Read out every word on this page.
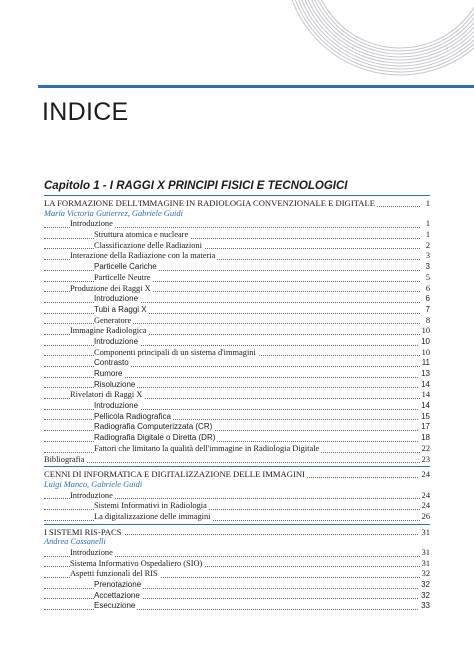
INDICE
Capitolo 1 - I RAGGI X PRINCIPI FISICI E TECNOLOGICI
LA FORMAZIONE DELL'IMMAGINE IN RADIOLOGIA CONVENZIONALE E DIGITALE	1
Maria Victoria Gutierrez, Gabriele Guidi
Introduzione	1
Struttura atomica e nucleare	1
Classificazione delle Radiazioni	2
Interazione della Radiazione con la materia	3
Particelle Cariche	3
Particelle Neutre	5
Produzione dei Raggi X	6
Introduzione	6
Tubi a Raggi X	7
Generatore	8
Immagine Radiologica	10
Introduzione	10
Componenti principali di un sistema d'immagini	10
Contrasto	11
Rumore	13
Risoluzione	14
Rivelatori di Raggi X	14
Introduzione	14
Pellicola Radiografica	15
Radiografia Computerizzata (CR)	17
Radiografia Digitale o Diretta (DR)	18
Fattori che limitano la qualità dell'immagine in Radiologia Digitale	22
Bibliografia	23
CENNI DI INFORMATICA E DIGITALIZZAZIONE DELLE IMMAGINI	24
Luigi Manco, Gabriele Guidi
Introduzione	24
Sistemi Informativi in Radiologia	24
La digitalizzazione delle immagini	26
I SISTEMI RIS-PACS	31
Andrea Cassanelli
Introduzione	31
Sistema Informativo Ospedaliero (SIO)	31
Aspetti funzionali del RIS	32
Prenotazione	32
Accettazione	32
Esecuzione	33
